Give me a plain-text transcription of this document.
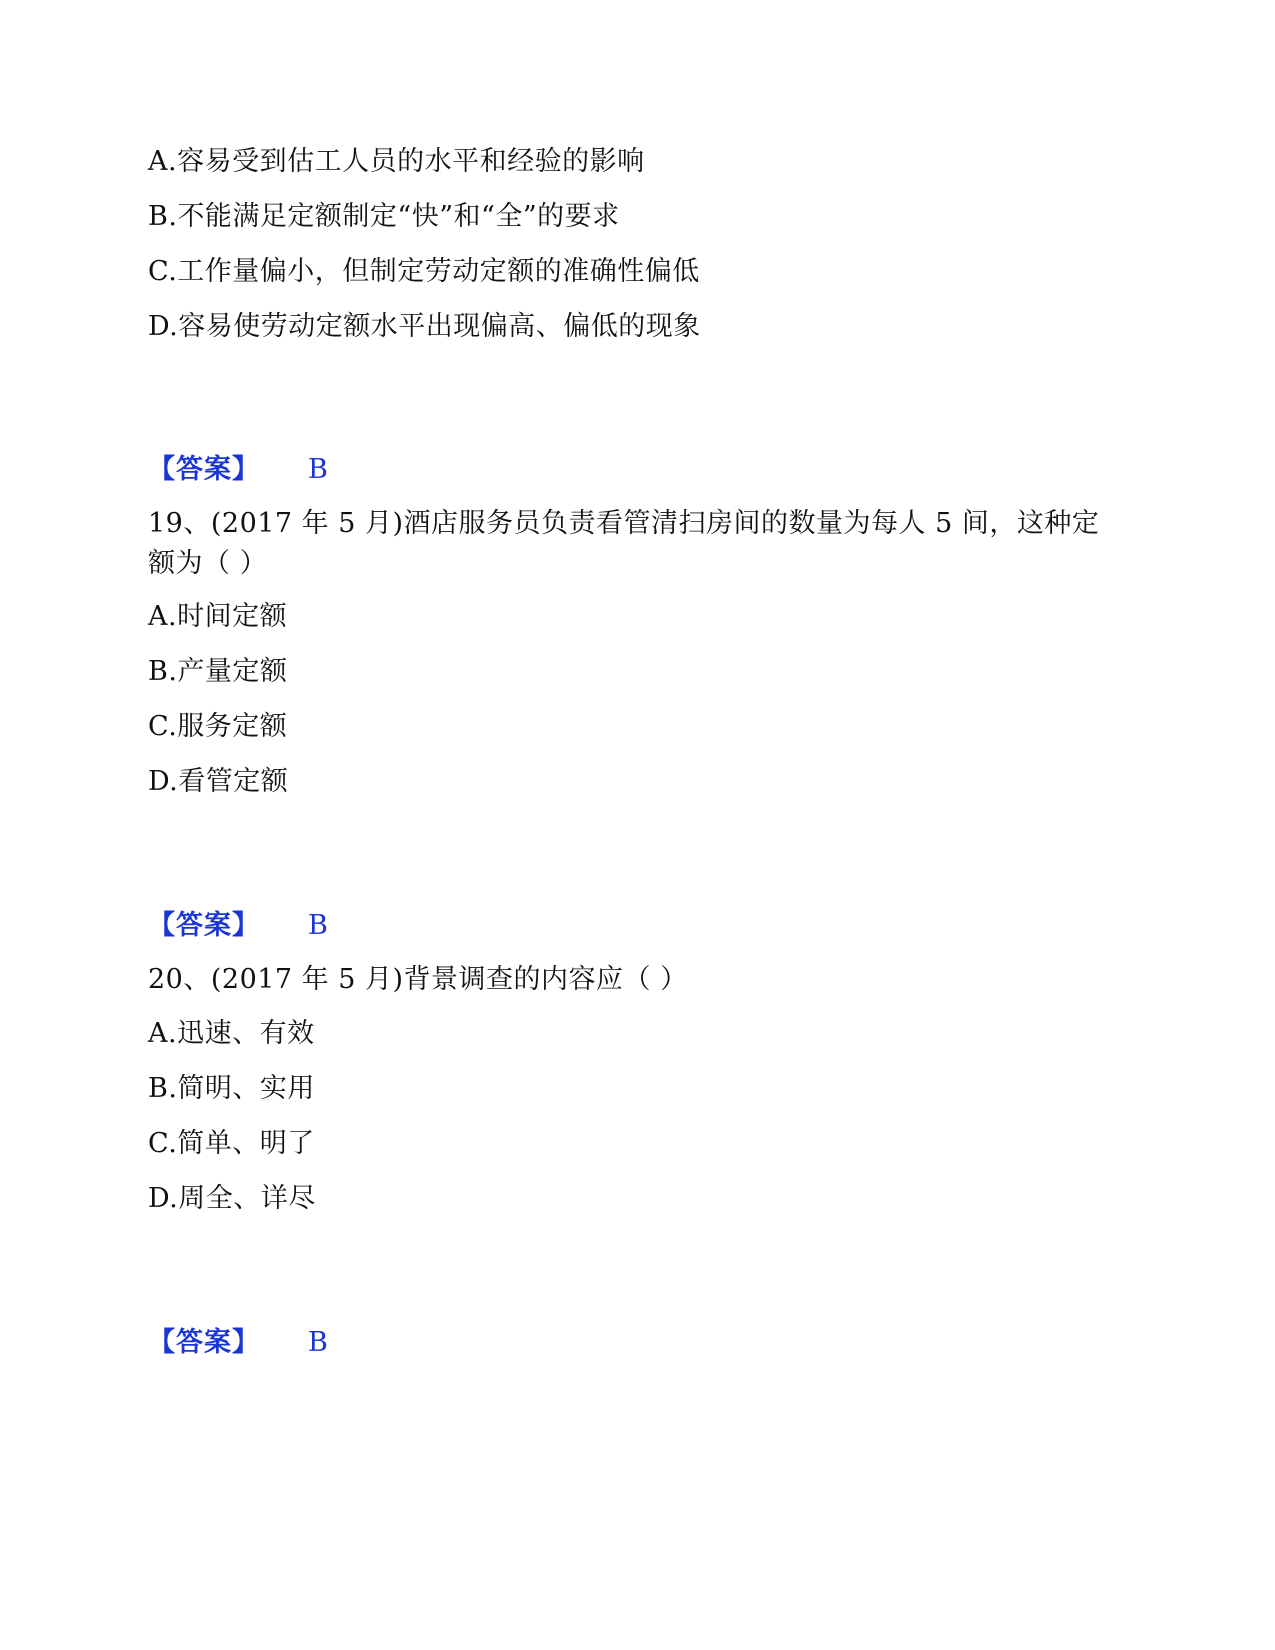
A.容易受到估工人员的水平和经验的影响
B.不能满足定额制定“快”和“全”的要求
C.工作量偏小，但制定劳动定额的准确性偏低
D.容易使劳动定额水平出现偏高、偏低的现象
【答案】 B
19、(2017 年 5 月)酒店服务员负责看管清扫房间的数量为每人 5 间，这种定
额为（ ）
A.时间定额
B.产量定额
C.服务定额
D.看管定额
【答案】 B
20、(2017 年 5 月)背景调查的内容应（ ）
A.迅速、有效
B.简明、实用
C.简单、明了
D.周全、详尽
【答案】 B
